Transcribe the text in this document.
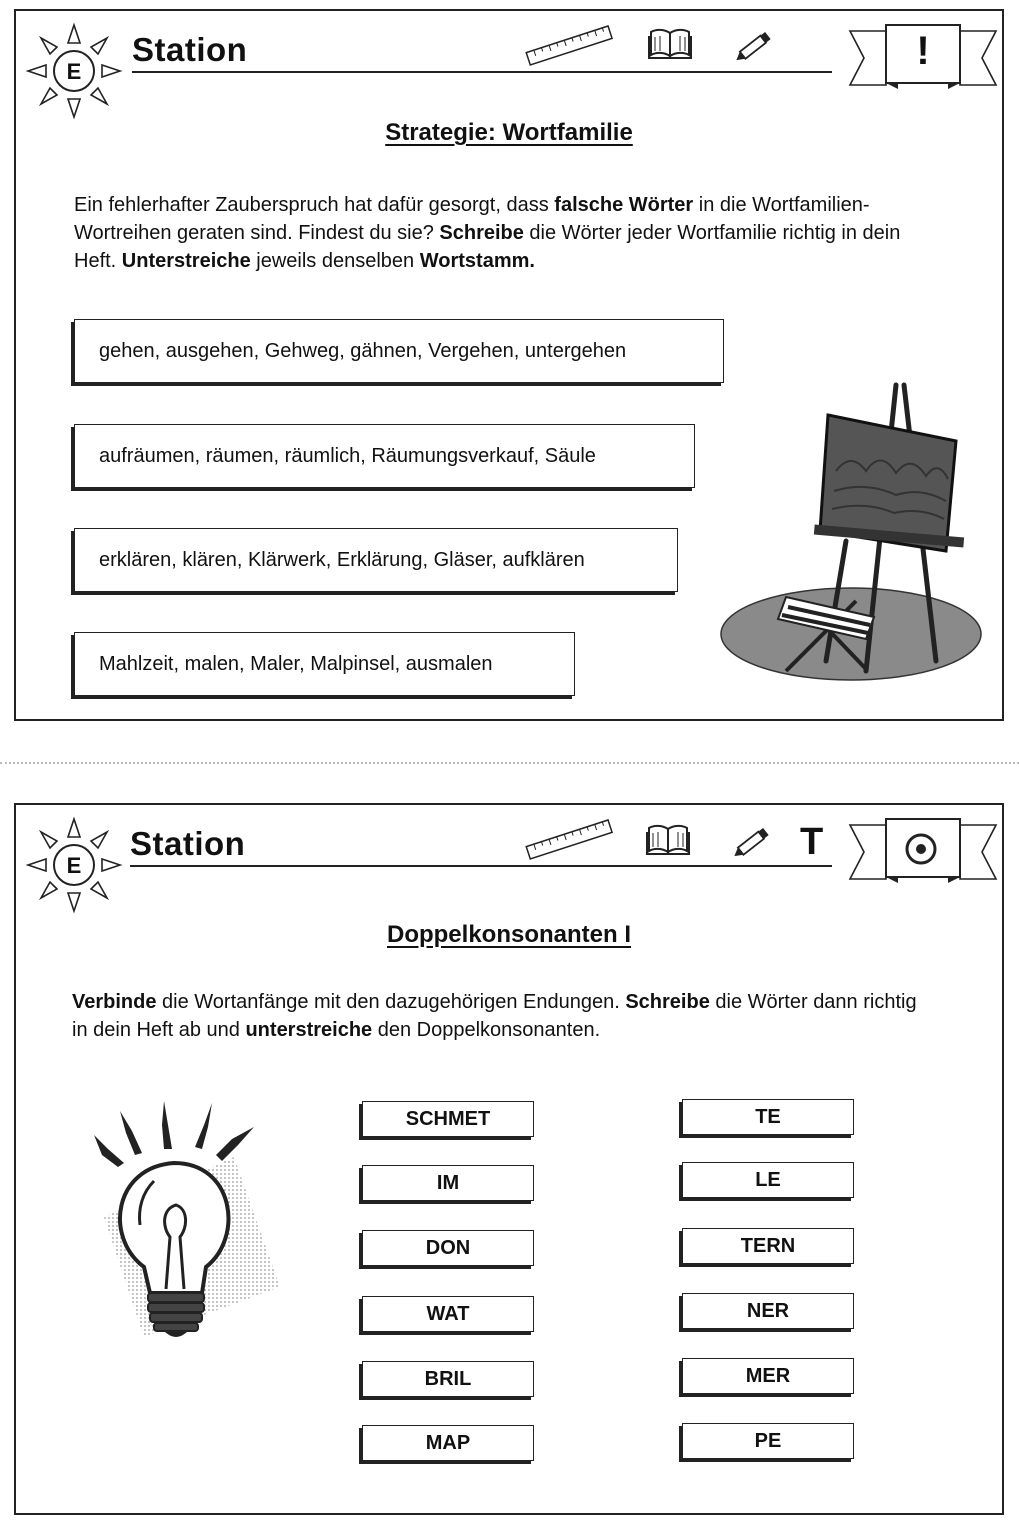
E
Station	!
Strategie: Wortfamilie
Ein fehlerhafter Zauberspruch hat dafür gesorgt, dass falsche Wörter in die Wortfamilien-Wortreihen geraten sind. Findest du sie? Schreibe die Wörter jeder Wortfamilie richtig in dein Heft. Unterstreiche jeweils denselben Wortstamm.
gehen, ausgehen, Gehweg, gähnen, Vergehen, untergehen
aufräumen, räumen, räumlich, Räumungsverkauf, Säule
erklären, klären, Klärwerk, Erklärung, Gläser, aufklären
Mahlzeit, malen, Maler, Malpinsel, ausmalen
E
Station	T
Doppelkonsonanten I
Verbinde die Wortanfänge mit den dazugehörigen Endungen. Schreibe die Wörter dann richtig in dein Heft ab und unterstreiche den Doppelkonsonanten.
SCHMET
IM
DON
WAT
BRIL
MAP
TE
LE
TERN
NER
MER
PE
